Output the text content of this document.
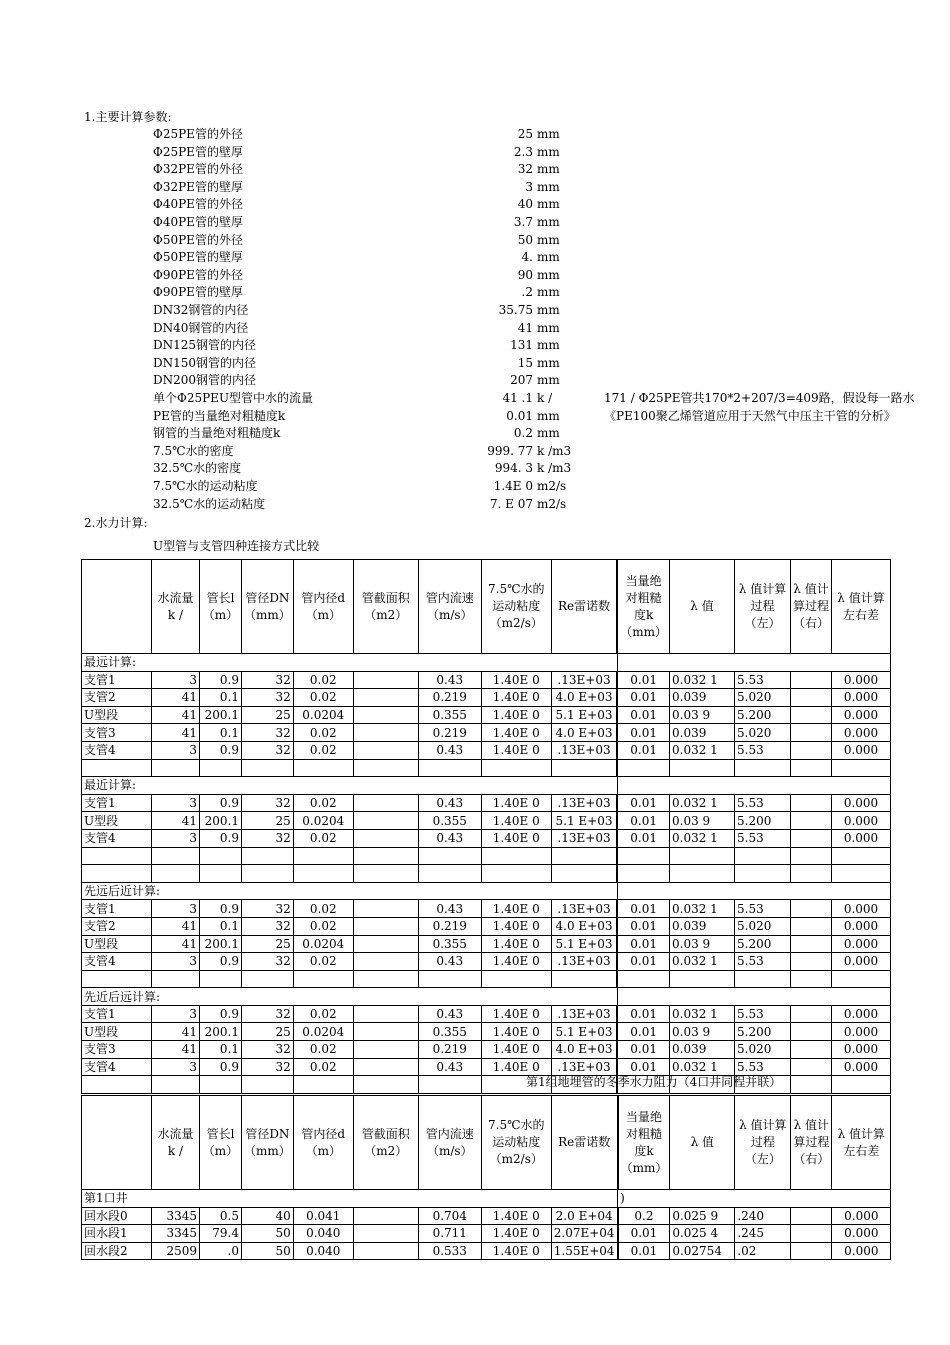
1.主要计算参数:
Φ25PE管的外径	25 mm
Φ25PE管的壁厚	2.3 mm
Φ32PE管的外径	32 mm
Φ32PE管的壁厚	3 mm
Φ40PE管的外径	40 mm
Φ40PE管的壁厚	3.7 mm
Φ50PE管的外径	50 mm
Φ50PE管的壁厚	4. mm
Φ90PE管的外径	90 mm
Φ90PE管的壁厚	.2 mm
DN32钢管的内径	35.75 mm
DN40钢管的内径	41 mm
DN125钢管的内径	131 mm
DN150钢管的内径	15 mm
DN200钢管的内径	207 mm
单个Φ25PEU型管中水的流量	41 .1 k /	171 / Φ25PE管共170*2+207/3=409路，假设每一路水
PE管的当量绝对粗糙度k	0.01 mm	《PE100聚乙烯管道应用于天然气中压主干管的分析》
钢管的当量绝对粗糙度k	0.2 mm
7.5℃水的密度	999. 77 k /m3
32.5℃水的密度	994. 3 k /m3
7.5℃水的运动粘度	1.4E 0 m2/s
32.5℃水的运动粘度	7. E 07 m2/s
2.水力计算:
U型管与支管四种连接方式比较
	水流量k /	管长l（m）	管径DN（mm）	管内径d（m）	管截面积（m2）	管内流速（m/s）	7.5℃水的运动粘度（m2/s）	Re雷诺数	当量绝对粗糙度k（mm）	λ 值	λ 值计算过程（左）	λ 值计算过程（右）	λ 值计算左右差
最远计算:													
支管1	3	0.9	32	0.02		0.43	1.40E 0	.13E+03	0.01	0.032 1	5.53		0.000
支管2	41	0.1	32	0.02		0.219	1.40E 0	4.0 E+03	0.01	0.039	5.020		0.000
U型段	41	200.1	25	0.0204		0.355	1.40E 0	5.1 E+03	0.01	0.03 9	5.200		0.000
支管3	41	0.1	32	0.02		0.219	1.40E 0	4.0 E+03	0.01	0.039	5.020		0.000
支管4	3	0.9	32	0.02		0.43	1.40E 0	.13E+03	0.01	0.032 1	5.53		0.000

最近计算:													
支管1	3	0.9	32	0.02		0.43	1.40E 0	.13E+03	0.01	0.032 1	5.53		0.000
U型段	41	200.1	25	0.0204		0.355	1.40E 0	5.1 E+03	0.01	0.03 9	5.200		0.000
支管4	3	0.9	32	0.02		0.43	1.40E 0	.13E+03	0.01	0.032 1	5.53		0.000

先远后近计算:													
支管1	3	0.9	32	0.02		0.43	1.40E 0	.13E+03	0.01	0.032 1	5.53		0.000
支管2	41	0.1	32	0.02		0.219	1.40E 0	4.0 E+03	0.01	0.039	5.020		0.000
U型段	41	200.1	25	0.0204		0.355	1.40E 0	5.1 E+03	0.01	0.03 9	5.200		0.000
支管4	3	0.9	32	0.02		0.43	1.40E 0	.13E+03	0.01	0.032 1	5.53		0.000

先近后远计算:													
支管1	3	0.9	32	0.02		0.43	1.40E 0	.13E+03	0.01	0.032 1	5.53		0.000
U型段	41	200.1	25	0.0204		0.355	1.40E 0	5.1 E+03	0.01	0.03 9	5.200		0.000
支管3	41	0.1	32	0.02		0.219	1.40E 0	4.0 E+03	0.01	0.039	5.020		0.000
支管4	3	0.9	32	0.02		0.43	1.40E 0	.13E+03	0.01	0.032 1	5.53		0.000

第1组地埋管的冬季水力阻力（4口井同程并联）
	水流量k /	管长l（m）	管径DN（mm）	管内径d（m）	管截面积（m2）	管内流速（m/s）	7.5℃水的运动粘度（m2/s）	Re雷诺数	当量绝对粗糙度k（mm）	λ 值	λ 值计算过程（左）	λ 值计算过程（右）	λ 值计算左右差
第1口井									)				
回水段0	3345	0.5	40	0.041		0.704	1.40E 0	2.0 E+04	0.2	0.025 9	.240		0.000
回水段1	3345	79.4	50	0.040		0.711	1.40E 0	2.07E+04	0.01	0.025 4	.245		0.000
回水段2	2509	.0	50	0.040		0.533	1.40E 0	1.55E+04	0.01	0.02754	.02		0.000
